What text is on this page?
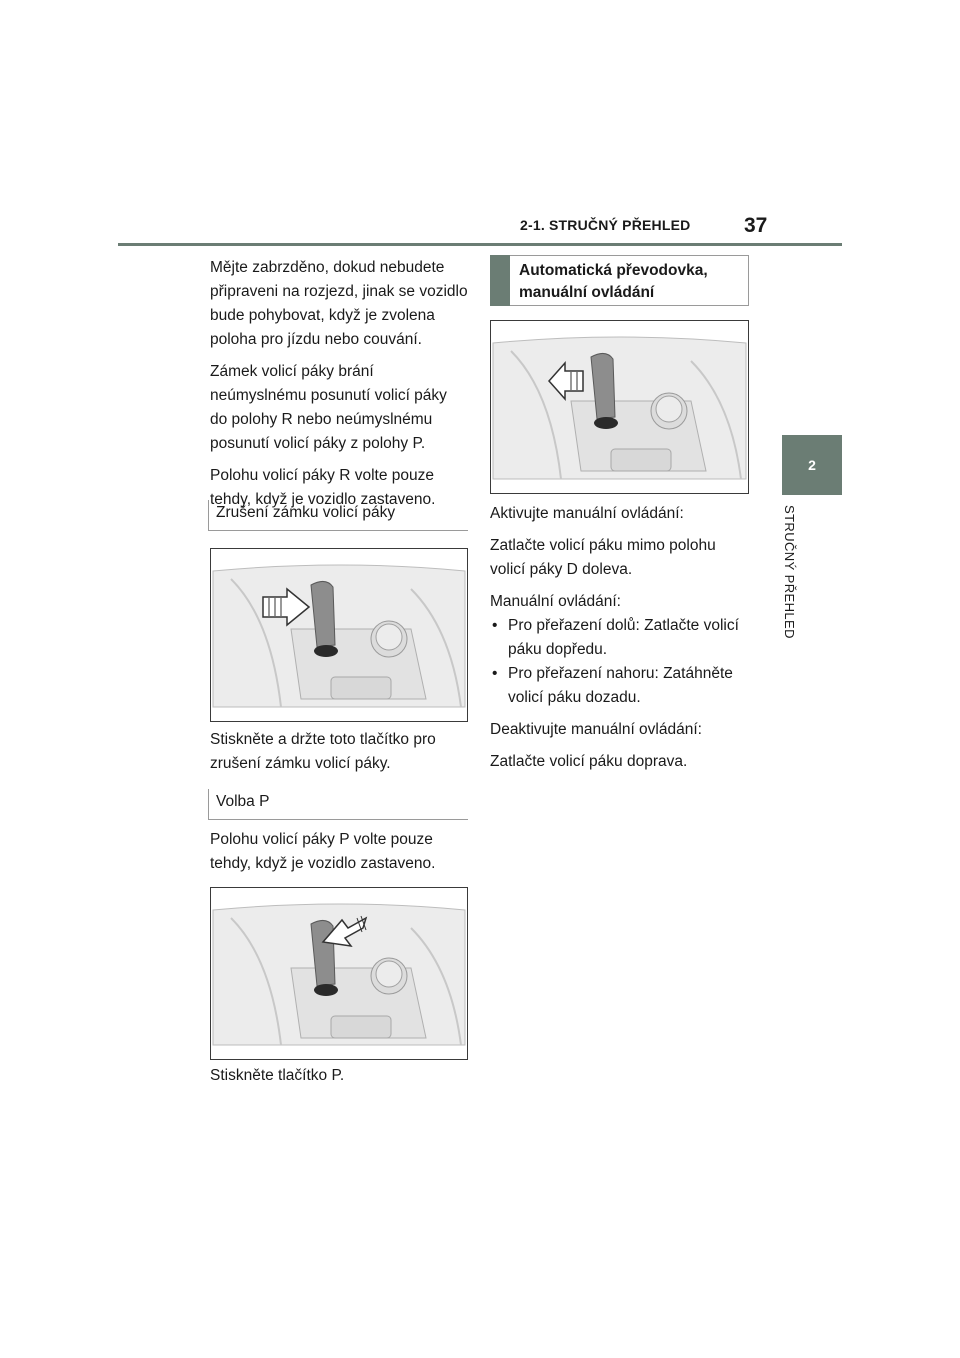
2-1. STRUČNÝ PŘEHLED	37
2
STRUČNÝ PŘEHLED

Mějte zabrzděno, dokud nebudete připraveni na rozjezd, jinak se vozidlo bude pohybovat, když je zvolena poloha pro jízdu nebo couvání.

Zámek volicí páky brání neúmyslnému posunutí volicí páky do polohy R nebo neúmyslnému posunutí volicí páky z polohy P.

Polohu volicí páky R volte pouze tehdy, když je vozidlo zastaveno.

Zrušení zámku volicí páky

Stiskněte a držte toto tlačítko pro zrušení zámku volicí páky.

Volba P

Polohu volicí páky P volte pouze tehdy, když je vozidlo zastaveno.

Stiskněte tlačítko P.

Automatická převodovka, manuální ovládání

Aktivujte manuální ovládání:

Zatlačte volicí páku mimo polohu volicí páky D doleva.

Manuální ovládání:

• Pro přeřazení dolů: Zatlačte volicí páku dopředu.
• Pro přeřazení nahoru: Zatáhněte volicí páku dozadu.

Deaktivujte manuální ovládání:

Zatlačte volicí páku doprava.
